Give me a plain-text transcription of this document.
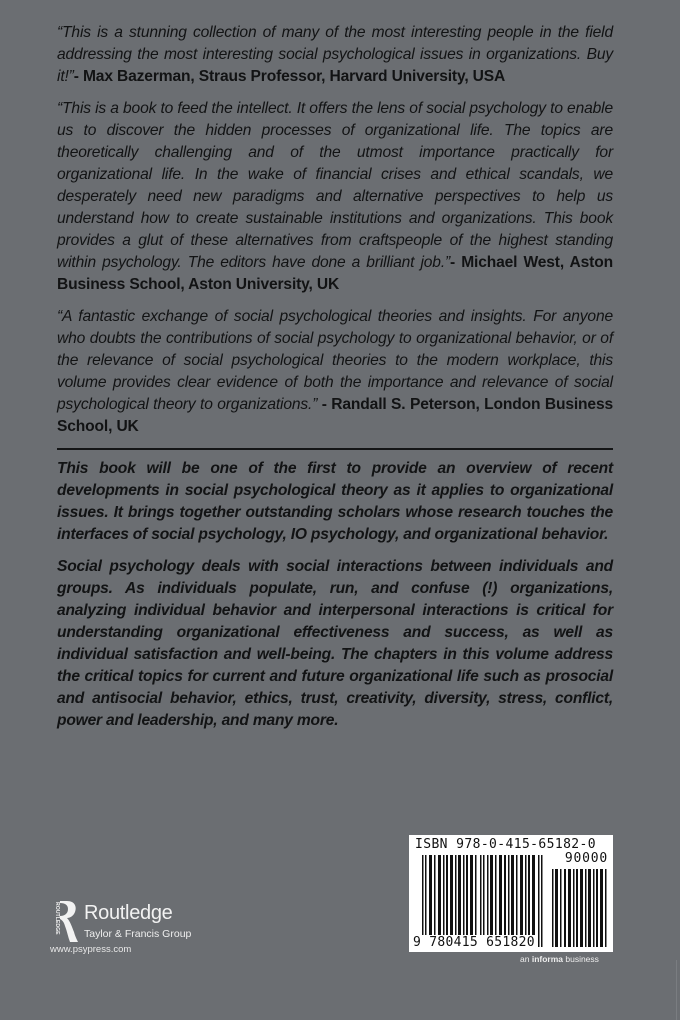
“This is a stunning collection of many of the most interesting people in the field addressing the most interesting social psychological issues in organizations. Buy it!”- Max Bazerman, Straus Professor, Harvard University, USA

“This is a book to feed the intellect. It offers the lens of social psychology to enable us to discover the hidden processes of organizational life. The topics are theoretically challenging and of the utmost importance practically for organizational life. In the wake of financial crises and ethical scandals, we desperately need new paradigms and alternative perspectives to help us understand how to create sustainable institutions and organizations. This book provides a glut of these alternatives from craftspeople of the highest standing within psychology. The editors have done a brilliant job.”- Michael West, Aston Business School, Aston University, UK

“A fantastic exchange of social psychological theories and insights. For anyone who doubts the contributions of social psychology to organizational behavior, or of the relevance of social psychological theories to the modern workplace, this volume provides clear evidence of both the importance and relevance of social psychological theory to organizations.” - Randall S. Peterson, London Business School, UK

This book will be one of the first to provide an overview of recent developments in social psychological theory as it applies to organizational issues. It brings together outstanding scholars whose research touches the interfaces of social psychology, IO psychology, and organizational behavior.

Social psychology deals with social interactions between individuals and groups. As individuals populate, run, and confuse (!) organizations, analyzing individual behavior and interpersonal interactions is critical for understanding organizational effectiveness and success, as well as individual satisfaction and well-being. The chapters in this volume address the critical topics for current and future organizational life such as prosocial and antisocial behavior, ethics, trust, creativity, diversity, stress, conflict, power and leadership, and many more.

ROUTLEDGE Routledge
Taylor & Francis Group
www.psypress.com
ISBN 978-0-415-65182-0
90000
9 780415 651820
an informa business
